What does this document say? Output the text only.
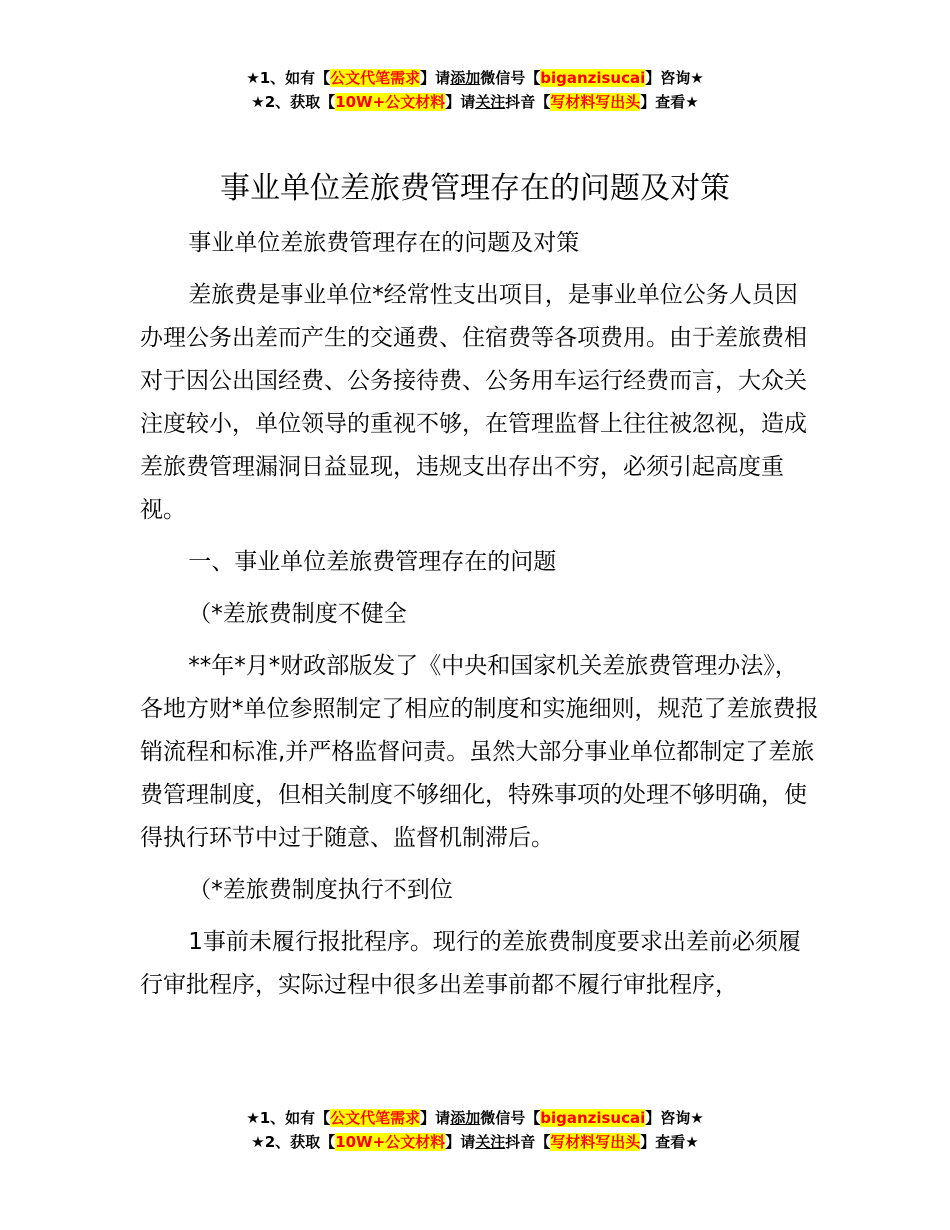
★1、如有【公文代笔需求】请添加微信号【biganzisucai】咨询★
★2、获取【10W+公文材料】请关注抖音【写材料写出头】查看★
事业单位差旅费管理存在的问题及对策

事业单位差旅费管理存在的问题及对策

差旅费是事业单位*经常性支出项目，是事业单位公务人员因办理公务出差而产生的交通费、住宿费等各项费用。由于差旅费相对于因公出国经费、公务接待费、公务用车运行经费而言，大众关注度较小，单位领导的重视不够，在管理监督上往往被忽视，造成差旅费管理漏洞日益显现，违规支出存出不穷，必须引起高度重视。

一、事业单位差旅费管理存在的问题

（*差旅费制度不健全

**年*月*财政部版发了《中央和国家机关差旅费管理办法》，各地方财*单位参照制定了相应的制度和实施细则，规范了差旅费报销流程和标准,并严格监督问责。虽然大部分事业单位都制定了差旅费管理制度，但相关制度不够细化，特殊事项的处理不够明确，使得执行环节中过于随意、监督机制滞后。

（*差旅费制度执行不到位

1事前未履行报批程序。现行的差旅费制度要求出差前必须履行审批程序，实际过程中很多出差事前都不履行审批程序，

★1、如有【公文代笔需求】请添加微信号【biganzisucai】咨询★
★2、获取【10W+公文材料】请关注抖音【写材料写出头】查看★
